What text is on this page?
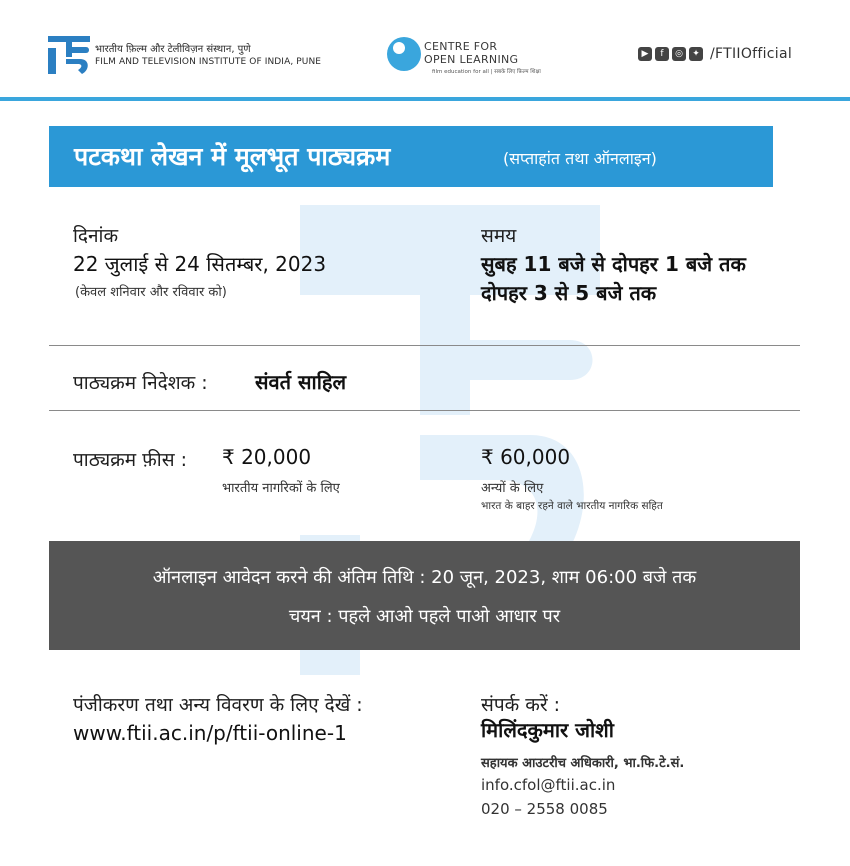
भारतीय फ़िल्म और टेलीविज़न संस्थान, पुणे
FILM AND TELEVISION INSTITUTE OF INDIA, PUNE
CENTRE FOR
OPEN LEARNING
film education for all | सबके लिए फ़िल्म शिक्षा
▶	f	◎	✦ /FTIIOfficial
पटकथा लेखन में मूलभूत पाठ्यक्रम	(सप्ताहांत तथा ऑनलाइन)
दिनांक
22 जुलाई से 24 सितम्बर, 2023
(केवल शनिवार और रविवार को)
समय
सुबह 11 बजे से दोपहर 1 बजे तक
दोपहर 3 से 5 बजे तक
पाठ्यक्रम निदेशक : संवर्त साहिल
पाठ्यक्रम फ़ीस : ₹ 20,000
भारतीय नागरिकों के लिए
₹ 60,000
अन्यों के लिए
भारत के बाहर रहने वाले भारतीय नागरिक सहित
ऑनलाइन आवेदन करने की अंतिम तिथि : 20 जून, 2023, शाम 06:00 बजे तक
चयन : पहले आओ पहले पाओ आधार पर
पंजीकरण तथा अन्य विवरण के लिए देखें :
www.ftii.ac.in/p/ftii-online-1
संपर्क करें :
मिलिंदकुमार जोशी
सहायक आउटरीच अधिकारी, भा.फि.टे.सं.
info.cfol@ftii.ac.in
020 – 2558 0085
